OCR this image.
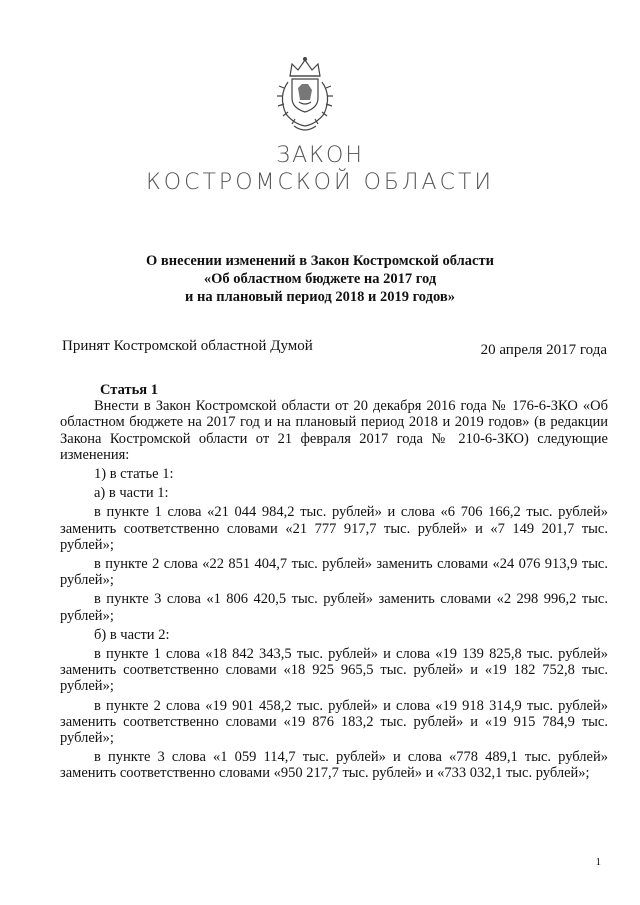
ЗАКОН
КОСТРОМСКОЙ ОБЛАСТИ
О внесении изменений в Закон Костромской области
«Об областном бюджете на 2017 год
и на плановый период 2018 и 2019 годов»
Принят Костромской областной Думой	20 апреля 2017 года

Статья 1

Внести в Закон Костромской области от 20 декабря 2016 года № 176-6-ЗКО «Об областном бюджете на 2017 год и на плановый период 2018 и 2019 годов» (в редакции Закона Костромской области от 21 февраля 2017 года № 210-6-ЗКО) следующие изменения:

1) в статье 1:

а) в части 1:

в пункте 1 слова «21 044 984,2 тыс. рублей» и слова «6 706 166,2 тыс. рублей» заменить соответственно словами «21 777 917,7 тыс. рублей» и «7 149 201,7 тыс. рублей»;

в пункте 2 слова «22 851 404,7 тыс. рублей» заменить словами «24 076 913,9 тыс. рублей»;

в пункте 3 слова «1 806 420,5 тыс. рублей» заменить словами «2 298 996,2 тыс. рублей»;

б) в части 2:

в пункте 1 слова «18 842 343,5 тыс. рублей» и слова «19 139 825,8 тыс. рублей» заменить соответственно словами «18 925 965,5 тыс. рублей» и «19 182 752,8 тыс. рублей»;

в пункте 2 слова «19 901 458,2 тыс. рублей» и слова «19 918 314,9 тыс. рублей» заменить соответственно словами «19 876 183,2 тыс. рублей» и «19 915 784,9 тыс. рублей»;

в пункте 3 слова «1 059 114,7 тыс. рублей» и слова «778 489,1 тыс. рублей» заменить соответственно словами «950 217,7 тыс. рублей» и «733 032,1 тыс. рублей»;

1
